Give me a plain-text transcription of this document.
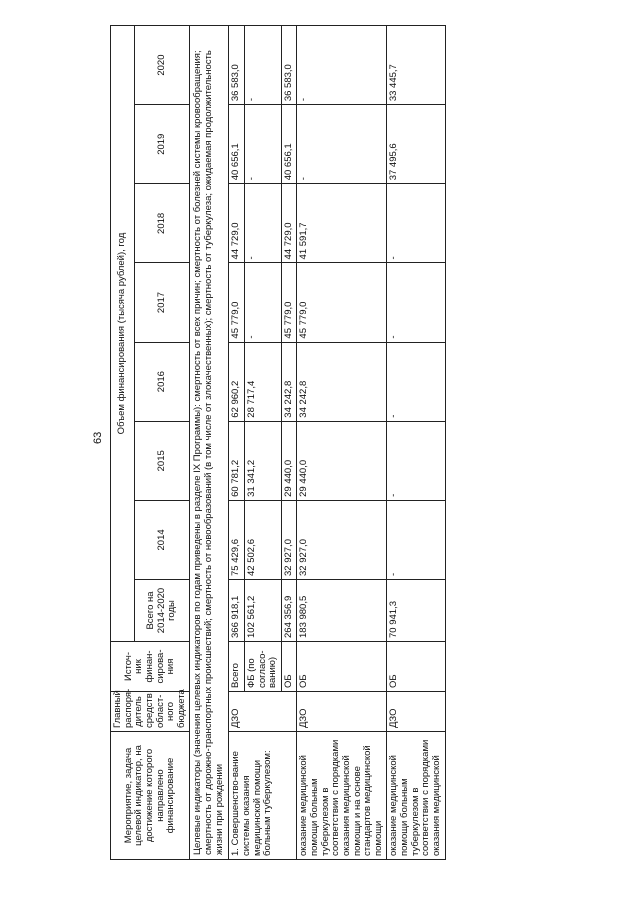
63
Мероприятие, задача целевой индикатор, на достижение которого направлено финансирование	Главный распоря-дитель средств област-ного бюджета	Источ-ник финан-сирова-ния	Объем финансирования (тысяча рублей), год							
			Всего на 2014-2020 годы	2014	2015	2016	2017	2018	2019	2020
Целевые индикаторы (значения целевых индикаторов по годам приведены в разделе IX Программы): смертность от всех причин; смертность от болезней системы кровообращения; смертность от дорожно-транспортных происшествий; смертность от новообразований (в том числе от злокачественных); смертность от туберкулеза; ожидаемая продолжительность жизни при рождении										
1. Совершенство-вание системы оказания медицинской помощи больным туберкулезом:	ДЗО	Всего	366 918,1	75 429,6	60 781,2	62 960,2	45 779,0	44 729,0	40 656,1	36 583,0
		ФБ (по согласо-ванию)	102 561,2	42 502,6	31 341,2	28 717,4	-	-	-	-
		ОБ	264 356,9	32 927,0	29 440,0	34 242,8	45 779,0	44 729,0	40 656,1	36 583,0
оказание медицинской помощи больным туберкулезом в соответствии с порядками оказания медицинской помощи и на основе стандартов медицинской помощи	ДЗО	ОБ	183 980,5	32 927,0	29 440,0	34 242,8	45 779,0	41 591,7	-	-
оказание медицинской помощи больным туберкулезом в соответствии с порядками оказания медицинской	ДЗО	ОБ	70 941,3	-	-	-	-	-	37 495,6	33 445,7
